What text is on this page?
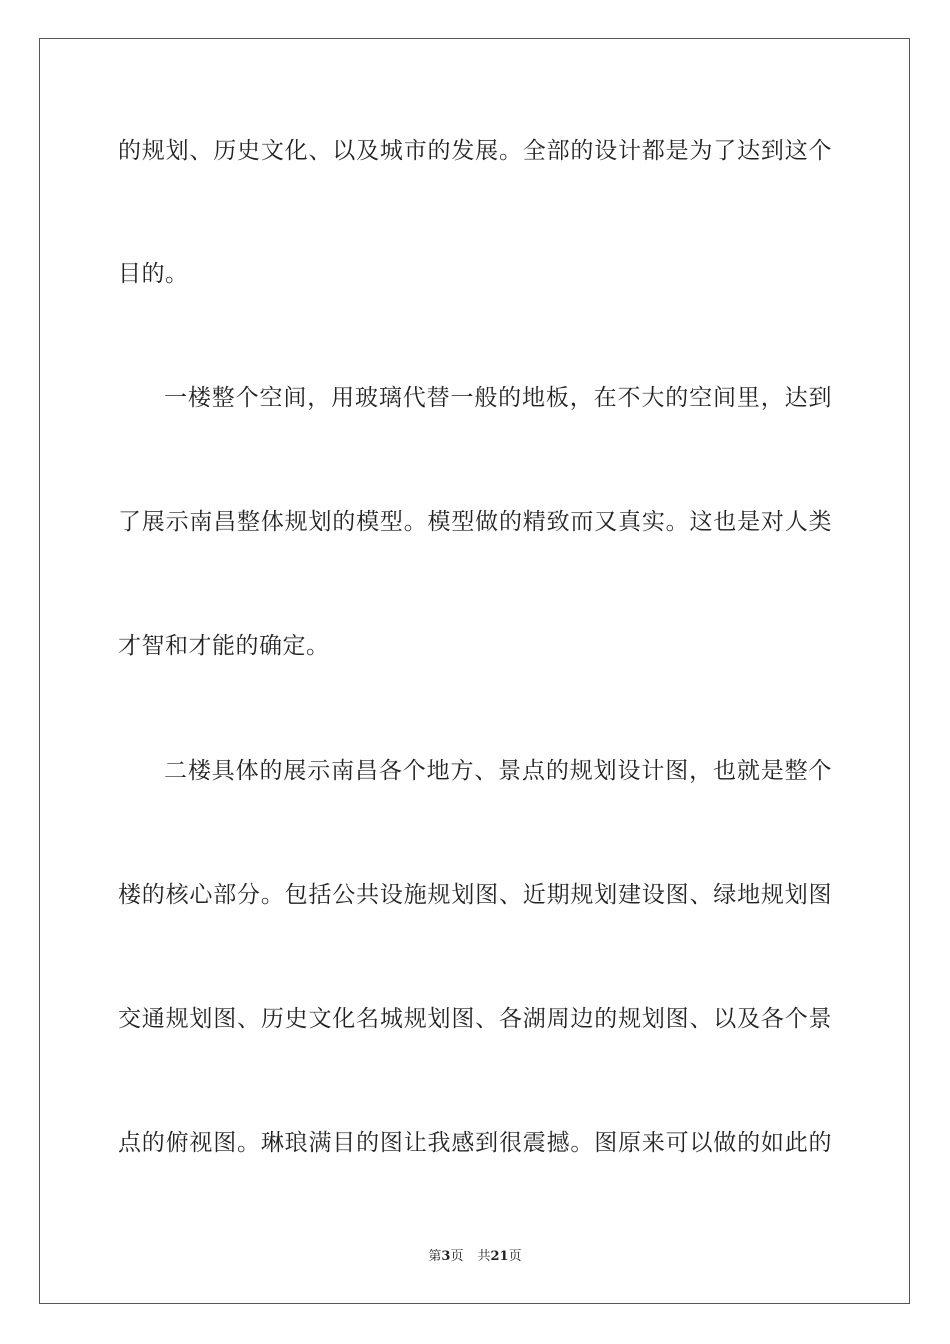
的规划、历史文化、以及城市的发展。全部的设计都是为了达到这个
目的。
一楼整个空间，用玻璃代替一般的地板，在不大的空间里，达到
了展示南昌整体规划的模型。模型做的精致而又真实。这也是对人类
才智和才能的确定。
二楼具体的展示南昌各个地方、景点的规划设计图，也就是整个
楼的核心部分。包括公共设施规划图、近期规划建设图、绿地规划图
交通规划图、历史文化名城规划图、各湖周边的规划图、以及各个景
点的俯视图。琳琅满目的图让我感到很震撼。图原来可以做的如此的
第3页 共21页
